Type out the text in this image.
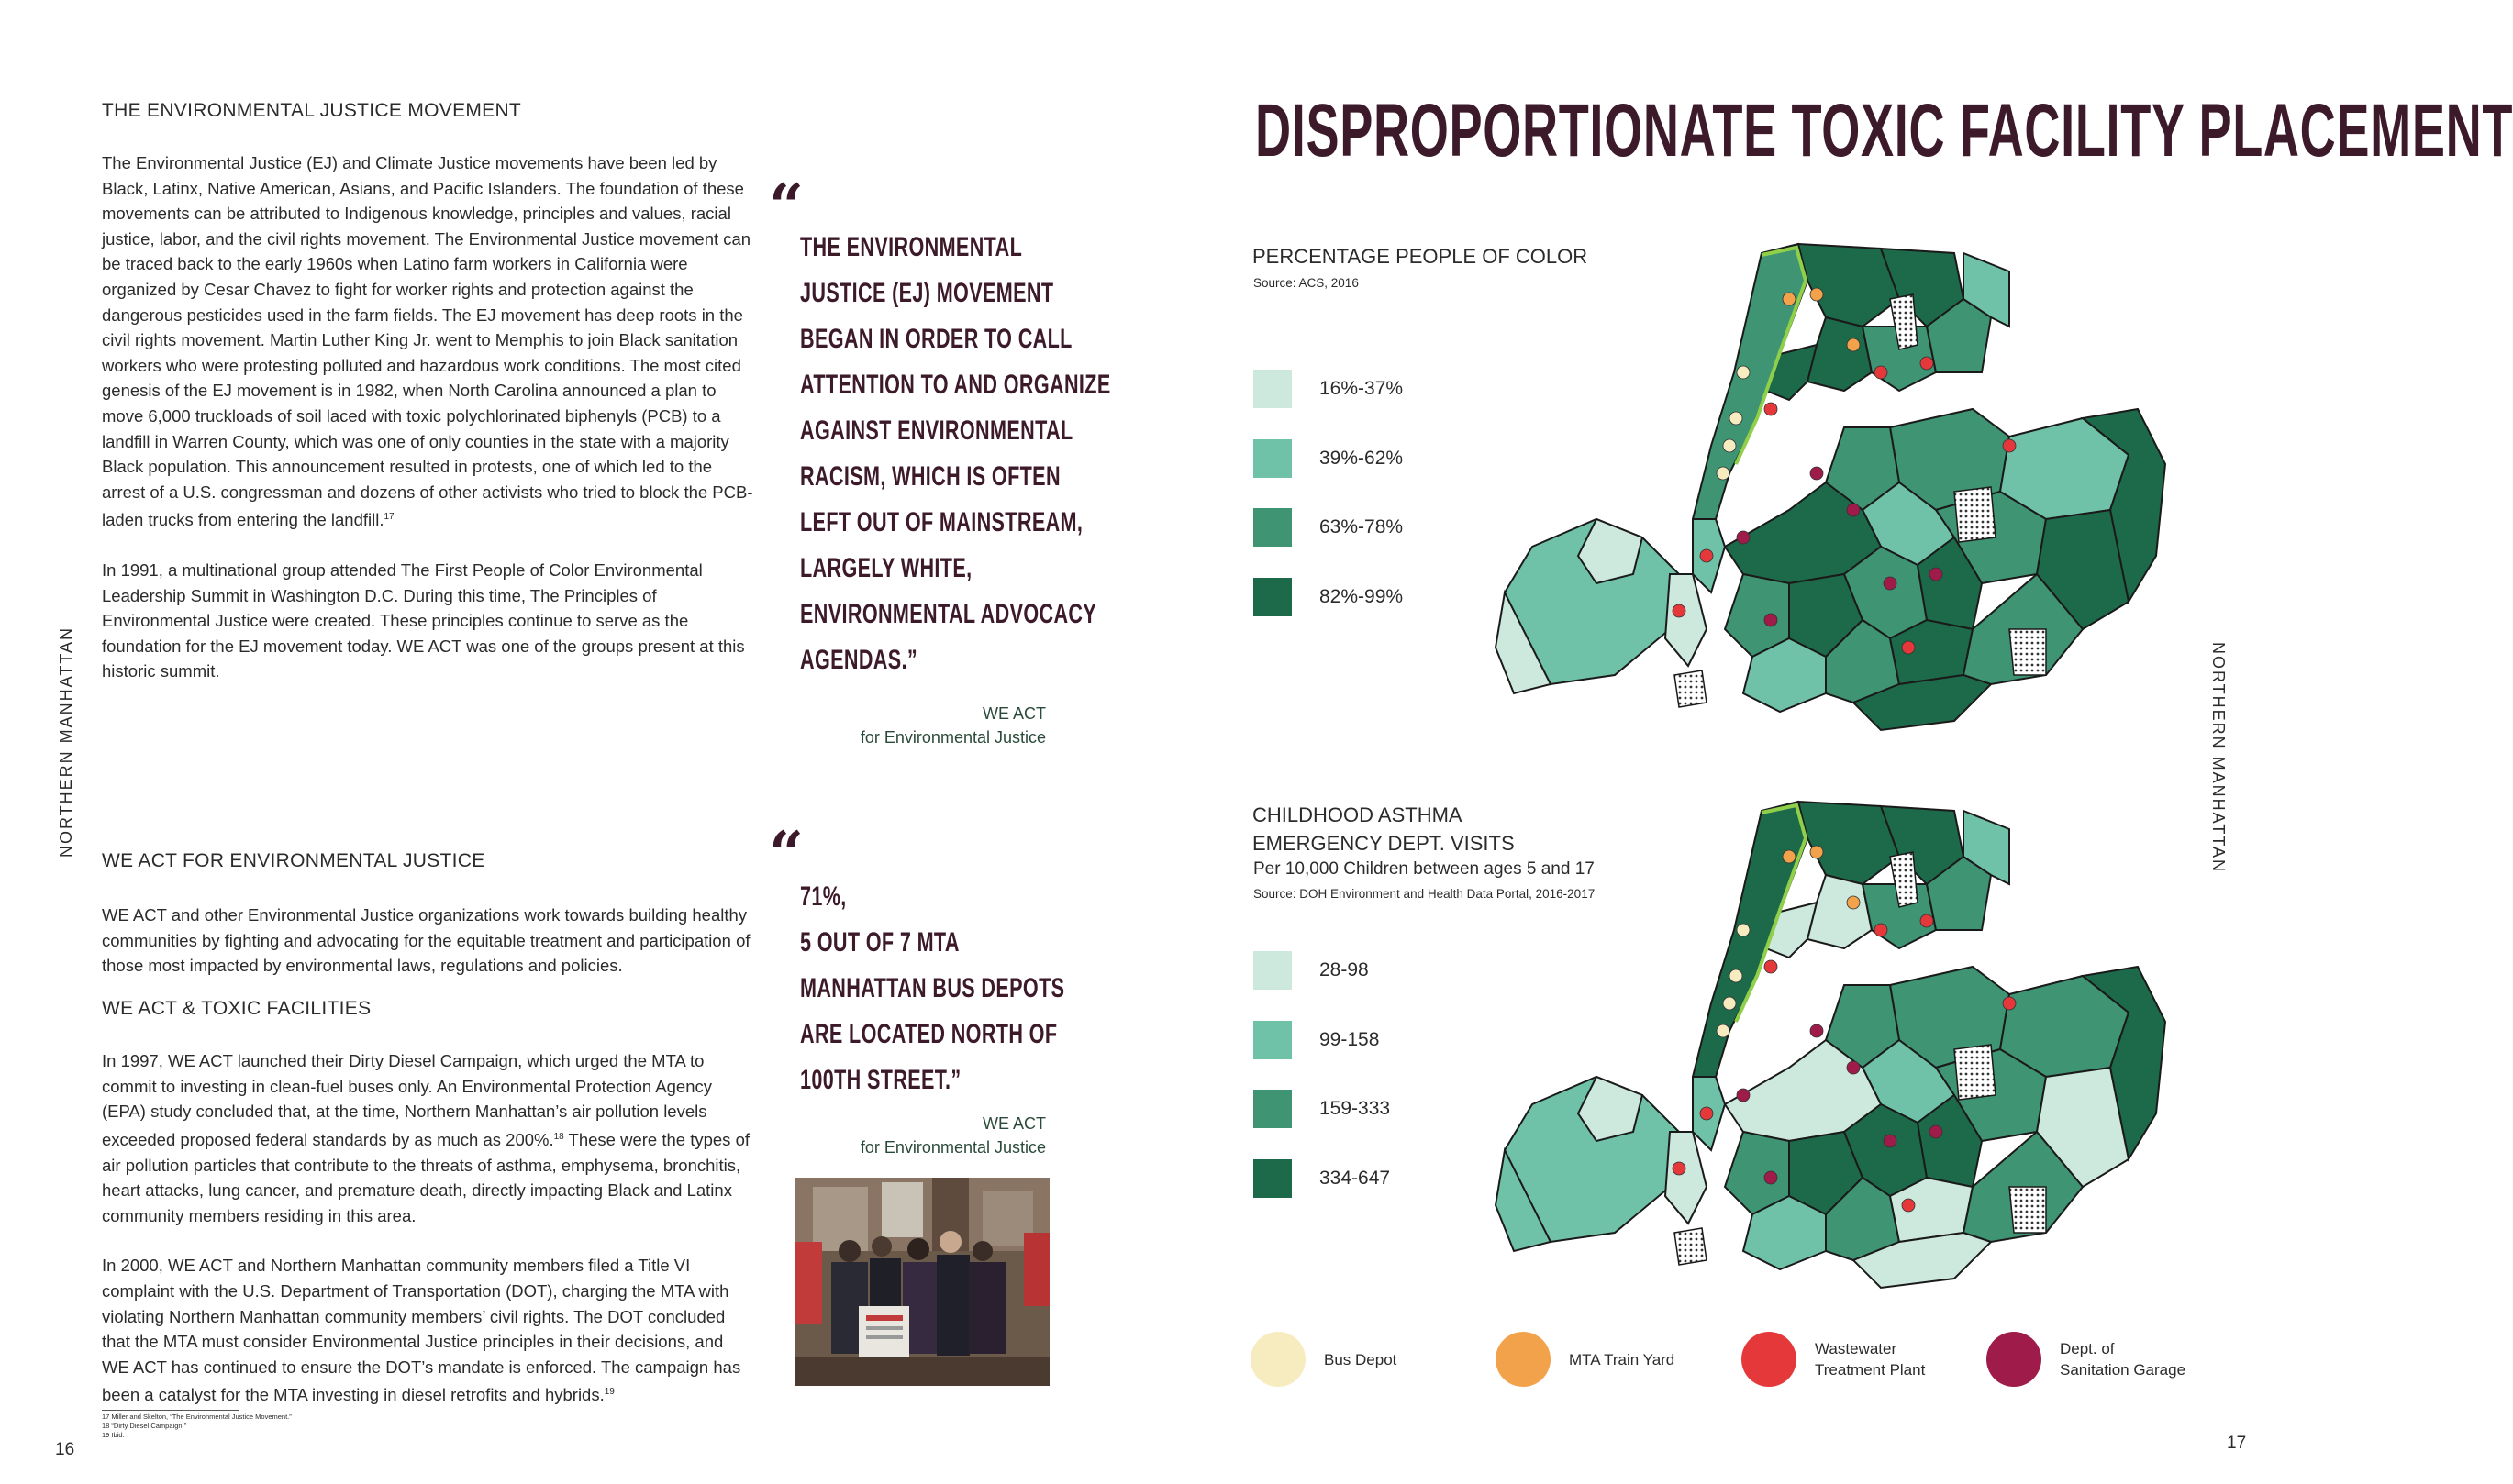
NORTHERN MANHATTAN
THE ENVIRONMENTAL JUSTICE MOVEMENT

The Environmental Justice (EJ) and Climate Justice movements have been led by Black, Latinx, Native American, Asians, and Pacific Islanders. The foundation of these movements can be attributed to Indigenous knowledge, principles and values, racial justice, labor, and the civil rights movement. The Environmental Justice movement can be traced back to the early 1960s when Latino farm workers in California were organized by Cesar Chavez to fight for worker rights and protection against the dangerous pesticides used in the farm fields. The EJ movement has deep roots in the civil rights movement. Martin Luther King Jr. went to Memphis to join Black sanitation workers who were protesting polluted and hazardous work conditions. The most cited genesis of the EJ movement is in 1982, when North Carolina announced a plan to move 6,000 truckloads of soil laced with toxic polychlorinated biphenyls (PCB) to a landfill in Warren County, which was one of only counties in the state with a majority Black population. This announcement resulted in protests, one of which led to the arrest of a U.S. congressman and dozens of other activists who tried to block the PCB-laden trucks from entering the landfill.$^{17}$

In 1991, a multinational group attended The First People of Color Environmental Leadership Summit in Washington D.C. During this time, The Principles of Environmental Justice were created. These principles continue to serve as the foundation for the EJ movement today. WE ACT was one of the groups present at this historic summit.

“
THE ENVIRONMENTAL
JUSTICE (EJ) MOVEMENT
BEGAN IN ORDER TO CALL
ATTENTION TO AND ORGANIZE
AGAINST ENVIRONMENTAL
RACISM, WHICH IS OFTEN
LEFT OUT OF MAINSTREAM,
LARGELY WHITE,
ENVIRONMENTAL ADVOCACY
AGENDAS.”
WE ACT
for Environmental Justice
WE ACT FOR ENVIRONMENTAL JUSTICE
WE ACT and other Environmental Justice organizations work towards building healthy communities by fighting and advocating for the equitable treatment and participation of those most impacted by environmental laws, regulations and policies.
WE ACT & TOXIC FACILITIES

In 1997, WE ACT launched their Dirty Diesel Campaign, which urged the MTA to commit to investing in clean-fuel buses only. An Environmental Protection Agency (EPA) study concluded that, at the time, Northern Manhattan’s air pollution levels exceeded proposed federal standards by as much as 200%.$^{18}$ These were the types of air pollution particles that contribute to the threats of asthma, emphysema, bronchitis, heart attacks, lung cancer, and premature death, directly impacting Black and Latinx community members residing in this area.

In 2000, WE ACT and Northern Manhattan community members filed a Title VI complaint with the U.S. Department of Transportation (DOT), charging the MTA with violating Northern Manhattan community members’ civil rights. The DOT concluded that the MTA must consider Environmental Justice principles in their decisions, and WE ACT has continued to ensure the DOT’s mandate is enforced. The campaign has been a catalyst for the MTA investing in diesel retrofits and hybrids.$^{19}$

“
71%,
5 OUT OF 7 MTA
MANHATTAN BUS DEPOTS
ARE LOCATED NORTH OF
100TH STREET.”
WE ACT
for Environmental Justice
17 Miller and Skelton, “The Environmental Justice Movement.”
18 “Dirty Diesel Campaign.”
19 Ibid.
16
DISPROPORTIONATE TOXIC FACILITY PLACEMENT
NORTHERN MANHATTAN
PERCENTAGE PEOPLE OF COLOR
Source: ACS, 2016
16%-37%
39%-62%
63%-78%
82%-99%
CHILDHOOD ASTHMA
EMERGENCY DEPT. VISITS
Per 10,000 Children between ages 5 and 17
Source: DOH Environment and Health Data Portal, 2016-2017
28-98
99-158
159-333
334-647
Bus Depot	MTA Train Yard
Wastewater
Treatment Plant
Dept. of
Sanitation Garage
17
